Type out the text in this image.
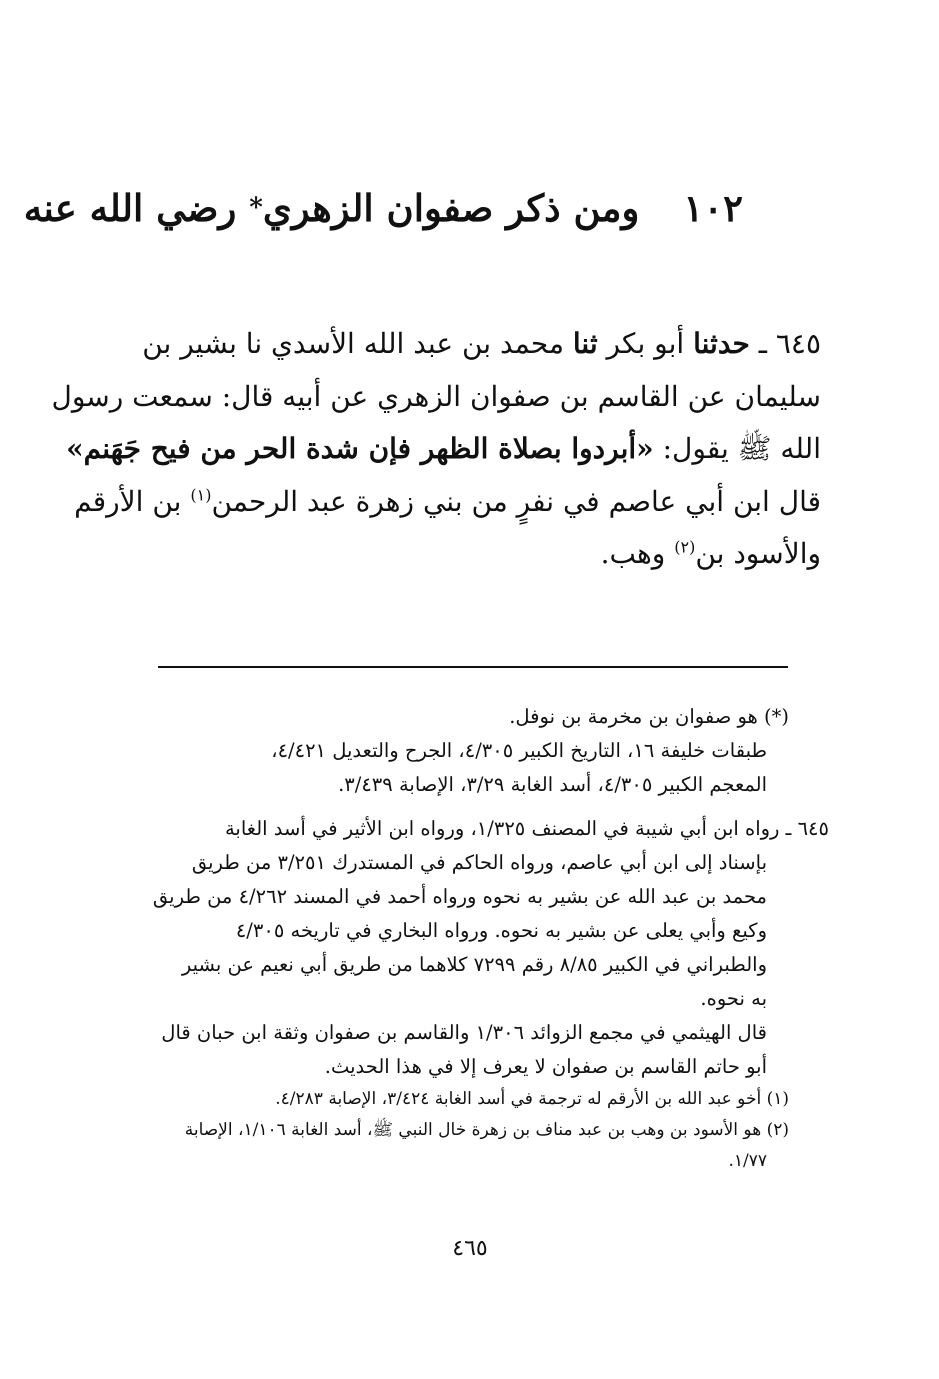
١٠٢ومن ذكر صفوان الزهري* رضي الله عنه
٦٤٥ ـ حدثنا أبو بكر ثنا محمد بن عبد الله الأسدي نا بشير بن
سليمان عن القاسم بن صفوان الزهري عن أبيه قال: سمعت رسول
الله ﷺ يقول: «أبردوا بصلاة الظهر فإن شدة الحر من فيح جَهَنم»
قال ابن أبي عاصم في نفرٍ من بني زهرة عبد الرحمن$^{(١)}$ بن الأرقم
والأسود بن$^{(٢)}$ وهب.
(*) هو صفوان بن مخرمة بن نوفل.
طبقات خليفة ١٦، التاريخ الكبير ٤/٣٠٥، الجرح والتعديل ٤/٤٢١،
المعجم الكبير ٤/٣٠٥، أسد الغابة ٣/٢٩، الإصابة ٣/٤٣٩.
٦٤٥ ـ رواه ابن أبي شيبة في المصنف ١/٣٢٥، ورواه ابن الأثير في أسد الغابة
بإسناد إلى ابن أبي عاصم، ورواه الحاكم في المستدرك ٣/٢٥١ من طريق
محمد بن عبد الله عن بشير به نحوه ورواه أحمد في المسند ٤/٢٦٢ من طريق
وكيع وأبي يعلى عن بشير به نحوه. ورواه البخاري في تاريخه ٤/٣٠٥
والطبراني في الكبير ٨/٨٥ رقم ٧٢٩٩ كلاهما من طريق أبي نعيم عن بشير
به نحوه.
قال الهيثمي في مجمع الزوائد ١/٣٠٦ والقاسم بن صفوان وثقة ابن حبان قال
أبو حاتم القاسم بن صفوان لا يعرف إلا في هذا الحديث.
(١) أخو عبد الله بن الأرقم له ترجمة في أسد الغابة ٣/٤٢٤، الإصابة ٤/٢٨٣.
(٢) هو الأسود بن وهب بن عبد مناف بن زهرة خال النبي ﷺ، أسد الغابة ١/١٠٦، الإصابة
١/٧٧.
٤٦٥
